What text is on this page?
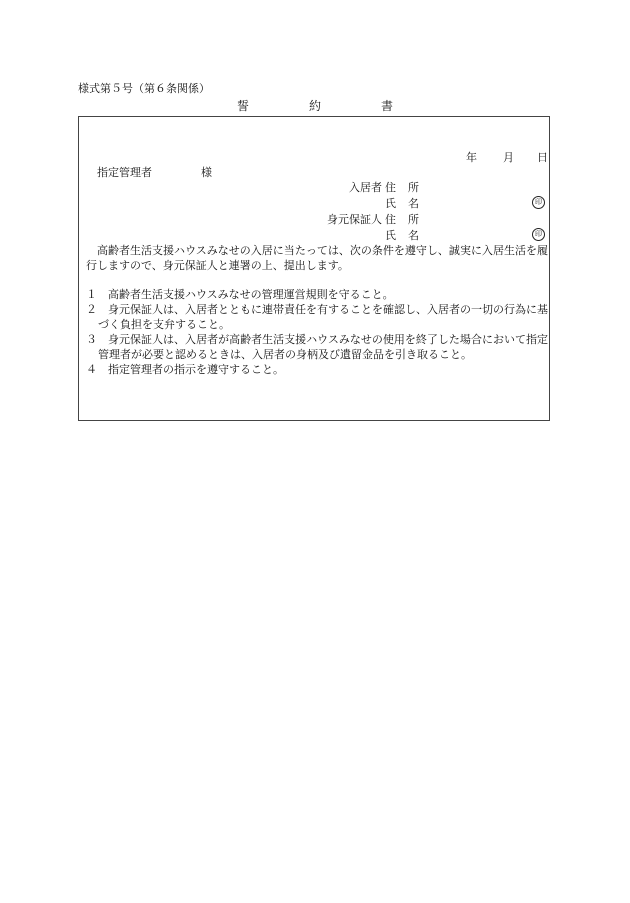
様式第５号（第６条関係）
誓	約	書
年 月 日
指定管理者	様
入居者 住 所
氏 名	印
身元保証人 住 所
氏 名	印

高齢者生活支援ハウスみなせの入居に当たっては、次の条件を遵守し、誠実に入居生活を履行しますので、身元保証人と連署の上、提出します。

１	高齢者生活支援ハウスみなせの管理運営規則を守ること。
２	身元保証人は、入居者とともに連帯責任を有することを確認し、入居者の一切の行為に基づく負担を支弁すること。
３	身元保証人は、入居者が高齢者生活支援ハウスみなせの使用を終了した場合において指定管理者が必要と認めるときは、入居者の身柄及び遺留金品を引き取ること。
４	指定管理者の指示を遵守すること。
